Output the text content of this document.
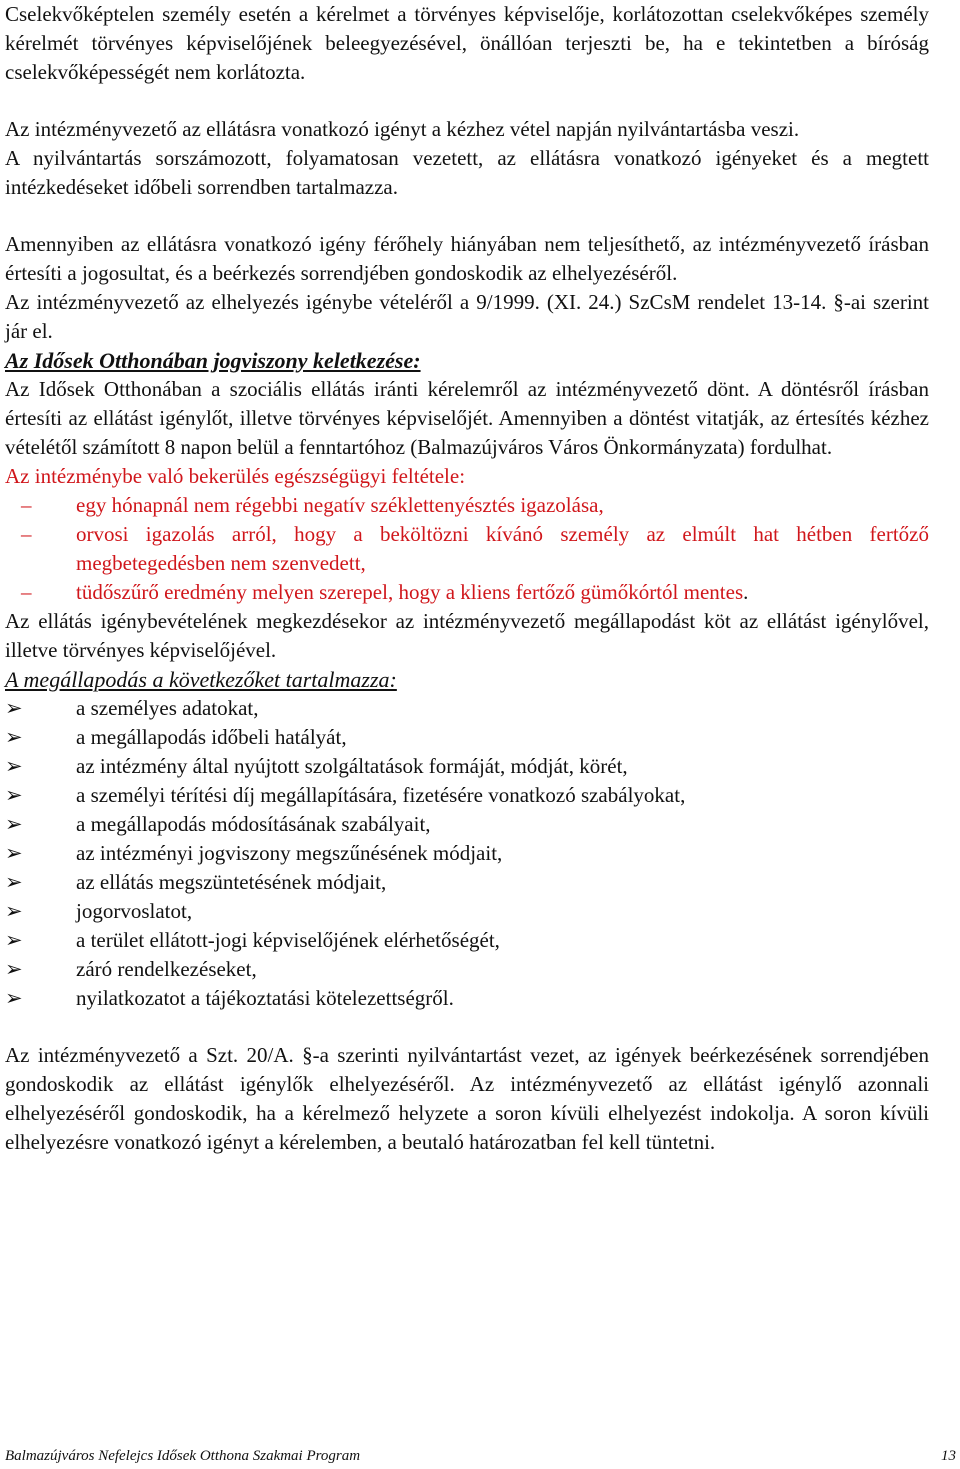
Cselekvőképtelen személy esetén a kérelmet a törvényes képviselője, korlátozottan cselekvőképes személy kérelmét törvényes képviselőjének beleegyezésével, önállóan terjeszti be, ha e tekintetben a bíróság cselekvőképességét nem korlátozta.

Az intézményvezető az ellátásra vonatkozó igényt a kézhez vétel napján nyilvántartásba veszi.

A nyilvántartás sorszámozott, folyamatosan vezetett, az ellátásra vonatkozó igényeket és a megtett intézkedéseket időbeli sorrendben tartalmazza.

Amennyiben az ellátásra vonatkozó igény férőhely hiányában nem teljesíthető, az intézményvezető írásban értesíti a jogosultat, és a beérkezés sorrendjében gondoskodik az elhelyezéséről.

Az intézményvezető az elhelyezés igénybe vételéről a 9/1999. (XI. 24.) SzCsM rendelet 13-14. §-ai szerint jár el.

Az Idősek Otthonában jogviszony keletkezése:

Az Idősek Otthonában a szociális ellátás iránti kérelemről az intézményvezető dönt. A döntésről írásban értesíti az ellátást igénylőt, illetve törvényes képviselőjét. Amennyiben a döntést vitatják, az értesítés kézhez vételétől számított 8 napon belül a fenntartóhoz (Balmazújváros Város Önkormányzata) fordulhat.

Az intézménybe való bekerülés egészségügyi feltétele:

–	egy hónapnál nem régebbi negatív széklettenyésztés igazolása,
–	orvosi igazolás arról, hogy a beköltözni kívánó személy az elmúlt hat hétben fertőző megbetegedésben nem szenvedett,
–	tüdőszűrő eredmény melyen szerepel, hogy a kliens fertőző gümőkórtól mentes.

Az ellátás igénybevételének megkezdésekor az intézményvezető megállapodást köt az ellátást igénylővel, illetve törvényes képviselőjével.

A megállapodás a következőket tartalmazza:

➢	a személyes adatokat,
➢	a megállapodás időbeli hatályát,
➢	az intézmény által nyújtott szolgáltatások formáját, módját, körét,
➢	a személyi térítési díj megállapítására, fizetésére vonatkozó szabályokat,
➢	a megállapodás módosításának szabályait,
➢	az intézményi jogviszony megszűnésének módjait,
➢	az ellátás megszüntetésének módjait,
➢	jogorvoslatot,
➢	a terület ellátott-jogi képviselőjének elérhetőségét,
➢	záró rendelkezéseket,
➢	nyilatkozatot a tájékoztatási kötelezettségről.

Az intézményvezető a Szt. 20/A. §-a szerinti nyilvántartást vezet, az igények beérkezésének sorrendjében gondoskodik az ellátást igénylők elhelyezéséről. Az intézményvezető az ellátást igénylő azonnali elhelyezéséről gondoskodik, ha a kérelmező helyzete a soron kívüli elhelyezést indokolja. A soron kívüli elhelyezésre vonatkozó igényt a kérelemben, a beutaló határozatban fel kell tüntetni.

Balmazújváros Nefelejcs Idősek Otthona Szakmai Program	13
